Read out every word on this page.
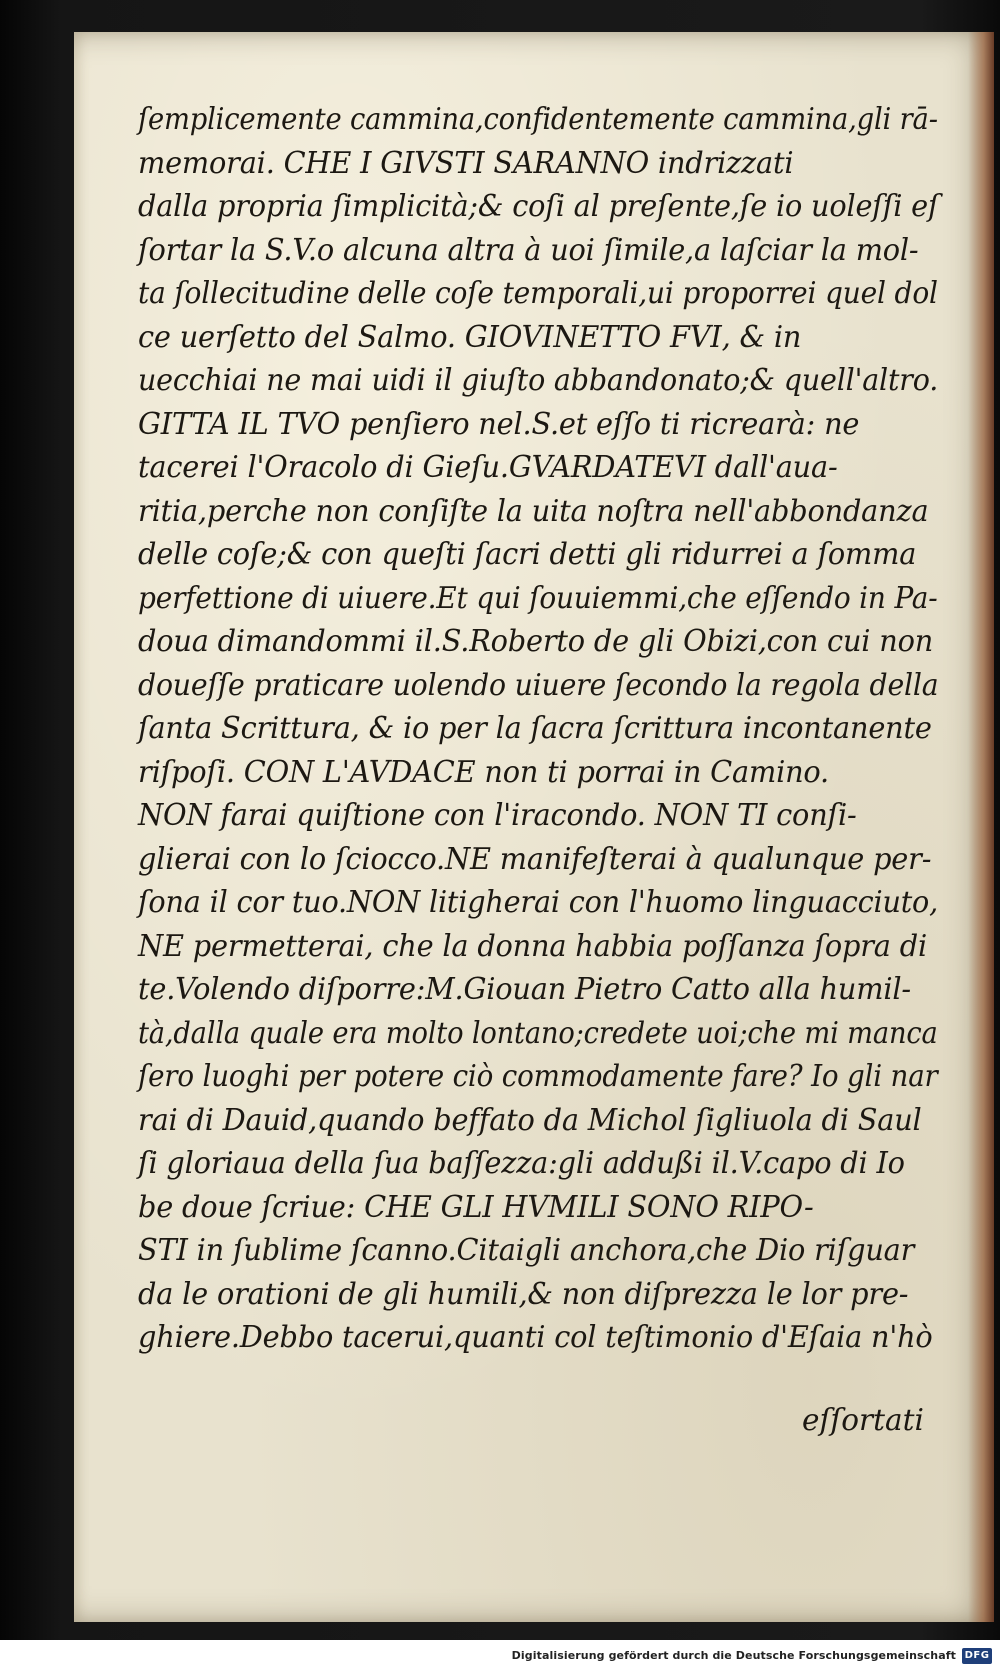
ſemplicemente cammina,confidentemente cammina,gli rā-
memorai. CHE I GIVSTI SARANNO indrizzati
dalla propria ſimplicità;& coſi al preſente,ſe io uoleſſi eſ
ſortar la S.V.o alcuna altra à uoi ſimile,a laſciar la mol-
ta ſollecitudine delle coſe temporali,ui proporrei quel dol
ce uerſetto del Salmo. GIOVINETTO FVI, & in
uecchiai ne mai uidi il giuſto abbandonato;& quell'altro.
GITTA IL TVO penſiero nel.S.et eſſo ti ricrearà: ne
tacerei l'Oracolo di Gieſu.GVARDATEVI dall'aua-
ritia,perche non conſiſte la uita noſtra nell'abbondanza
delle coſe;& con queſti ſacri detti gli ridurrei a ſomma
perfettione di uiuere.Et qui ſouuiemmi,che eſſendo in Pa-
doua dimandommi il.S.Roberto de gli Obizi,con cui non
doueſſe praticare uolendo uiuere ſecondo la regola della
ſanta Scrittura, & io per la ſacra ſcrittura incontanente
riſpoſi. CON L'AVDACE non ti porrai in Camino.
NON farai quiſtione con l'iracondo. NON TI conſi-
glierai con lo ſciocco.NE manifeſterai à qualunque per-
ſona il cor tuo.NON litigherai con l'huomo linguacciuto,
NE permetterai, che la donna habbia poſſanza ſopra di
te.Volendo diſporre:M.Giouan Pietro Catto alla humil-
tà,dalla quale era molto lontano;credete uoi;che mi manca
ſero luoghi per potere ciò commodamente fare? Io gli nar
rai di Dauid,quando beffato da Michol ſigliuola di Saul
ſi gloriaua della ſua baſſezza:gli addußi il.V.capo di Io
be doue ſcriue: CHE GLI HVMILI SONO RIPO-
STI in ſublime ſcanno.Citaigli anchora,che Dio riſguar
da le orationi de gli humili,& non diſprezza le lor pre-
ghiere.Debbo tacerui,quanti col teſtimonio d'Eſaia n'hò
eſſortati
Digitalisierung gefördert durch die Deutsche Forschungsgemeinschaft DFG
